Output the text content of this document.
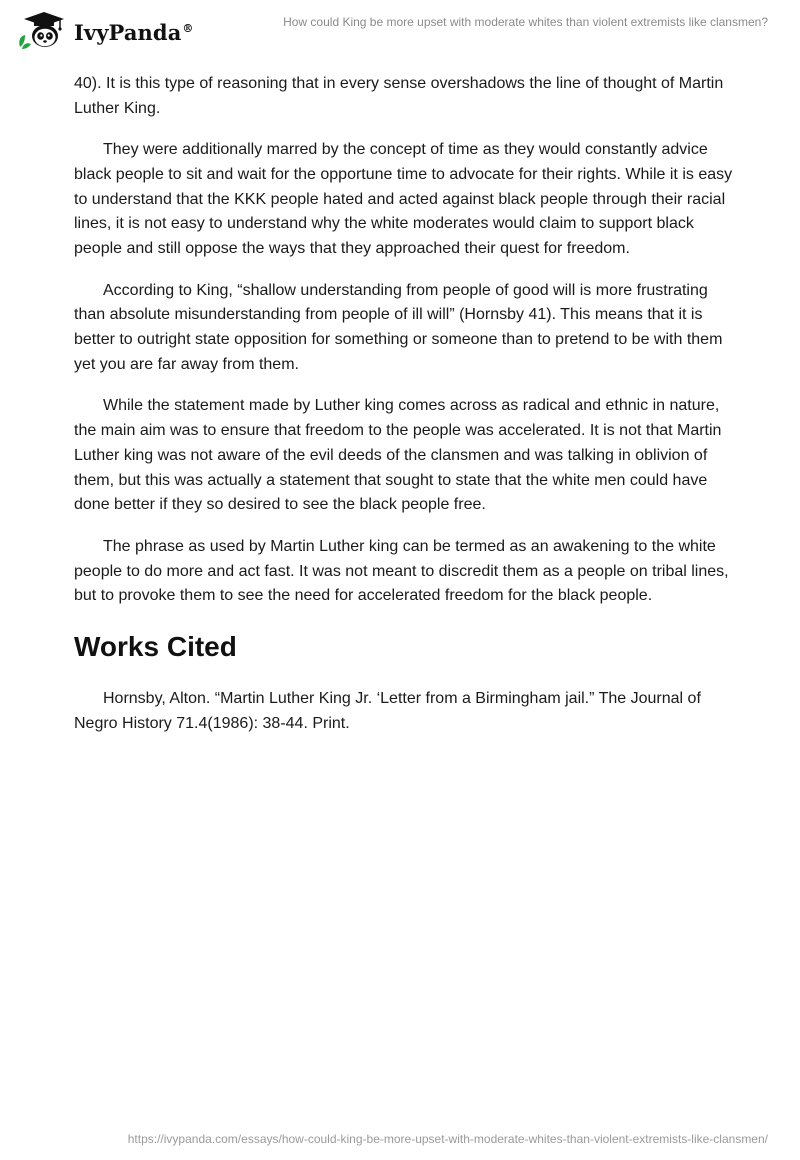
IvyPanda®	How could King be more upset with moderate whites than violent extremists like clansmen?

40). It is this type of reasoning that in every sense overshadows the line of thought of Martin Luther King.

They were additionally marred by the concept of time as they would constantly advice black people to sit and wait for the opportune time to advocate for their rights. While it is easy to understand that the KKK people hated and acted against black people through their racial lines, it is not easy to understand why the white moderates would claim to support black people and still oppose the ways that they approached their quest for freedom.

According to King, “shallow understanding from people of good will is more frustrating than absolute misunderstanding from people of ill will” (Hornsby 41). This means that it is better to outright state opposition for something or someone than to pretend to be with them yet you are far away from them.

While the statement made by Luther king comes across as radical and ethnic in nature, the main aim was to ensure that freedom to the people was accelerated. It is not that Martin Luther king was not aware of the evil deeds of the clansmen and was talking in oblivion of them, but this was actually a statement that sought to state that the white men could have done better if they so desired to see the black people free.

The phrase as used by Martin Luther king can be termed as an awakening to the white people to do more and act fast. It was not meant to discredit them as a people on tribal lines, but to provoke them to see the need for accelerated freedom for the black people.

Works Cited

Hornsby, Alton. “Martin Luther King Jr. ‘Letter from a Birmingham jail.” The Journal of Negro History 71.4(1986): 38-44. Print.

https://ivypanda.com/essays/how-could-king-be-more-upset-with-moderate-whites-than-violent-extremists-like-clansmen/
